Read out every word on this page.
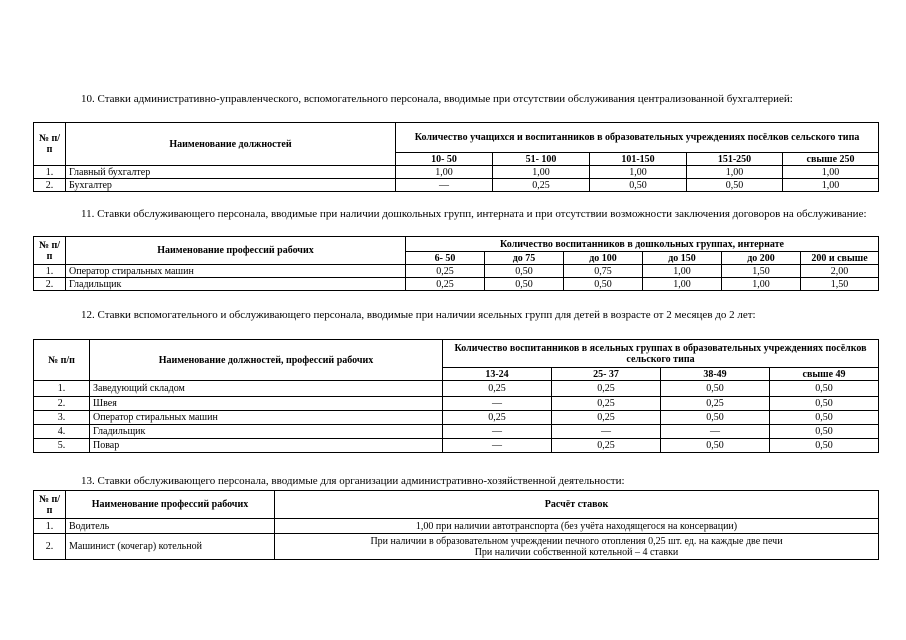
10. Ставки административно-управленческого, вспомогательного персонала, вводимые при отсутствии обслуживания централизованной бухгалтерией:

№ п/п	Наименование должностей	Количество учащихся и воспитанников в образовательных учреждениях посёлков сельского типа				
		10- 50	51- 100	101-150	151-250	свыше 250
1.	Главный бухгалтер	1,00	1,00	1,00	1,00	1,00
2.	Бухгалтер	—	0,25	0,50	0,50	1,00

11. Ставки обслуживающего персонала, вводимые при наличии дошкольных групп, интерната и при отсутствии возможности заключения договоров на обслуживание:

№ п/п	Наименование профессий рабочих	Количество воспитанников в дошкольных группах, интернате					
		6- 50	до 75	до 100	до 150	до 200	200 и свыше
1.	Оператор стиральных машин	0,25	0,50	0,75	1,00	1,50	2,00
2.	Гладильщик	0,25	0,50	0,50	1,00	1,00	1,50

12. Ставки вспомогательного и обслуживающего персонала, вводимые при наличии ясельных групп для детей в возрасте от 2 месяцев до 2 лет:

№ п/п	Наименование должностей, профессий рабочих	Количество воспитанников в ясельных группах в образовательных учреждениях посёлков сельского типа			
		13-24	25- 37	38-49	свыше 49
1.	Заведующий складом	0,25	0,25	0,50	0,50
2.	Швея	—	0,25	0,25	0,50
3.	Оператор стиральных машин	0,25	0,25	0,50	0,50
4.	Гладильщик	—	—	—	0,50
5.	Повар	—	0,25	0,50	0,50

13. Ставки обслуживающего персонала, вводимые для организации административно-хозяйственной деятельности:

№ п/п	Наименование профессий рабочих	Расчёт ставок
1.	Водитель	1,00 при наличии автотранспорта (без учёта находящегося на консервации)

2.	Машинист (кочегар) котельной	При наличии в образовательном учреждении печного отопления 0,25 шт. ед. на каждые две печи
При наличии собственной котельной – 4 ставки
